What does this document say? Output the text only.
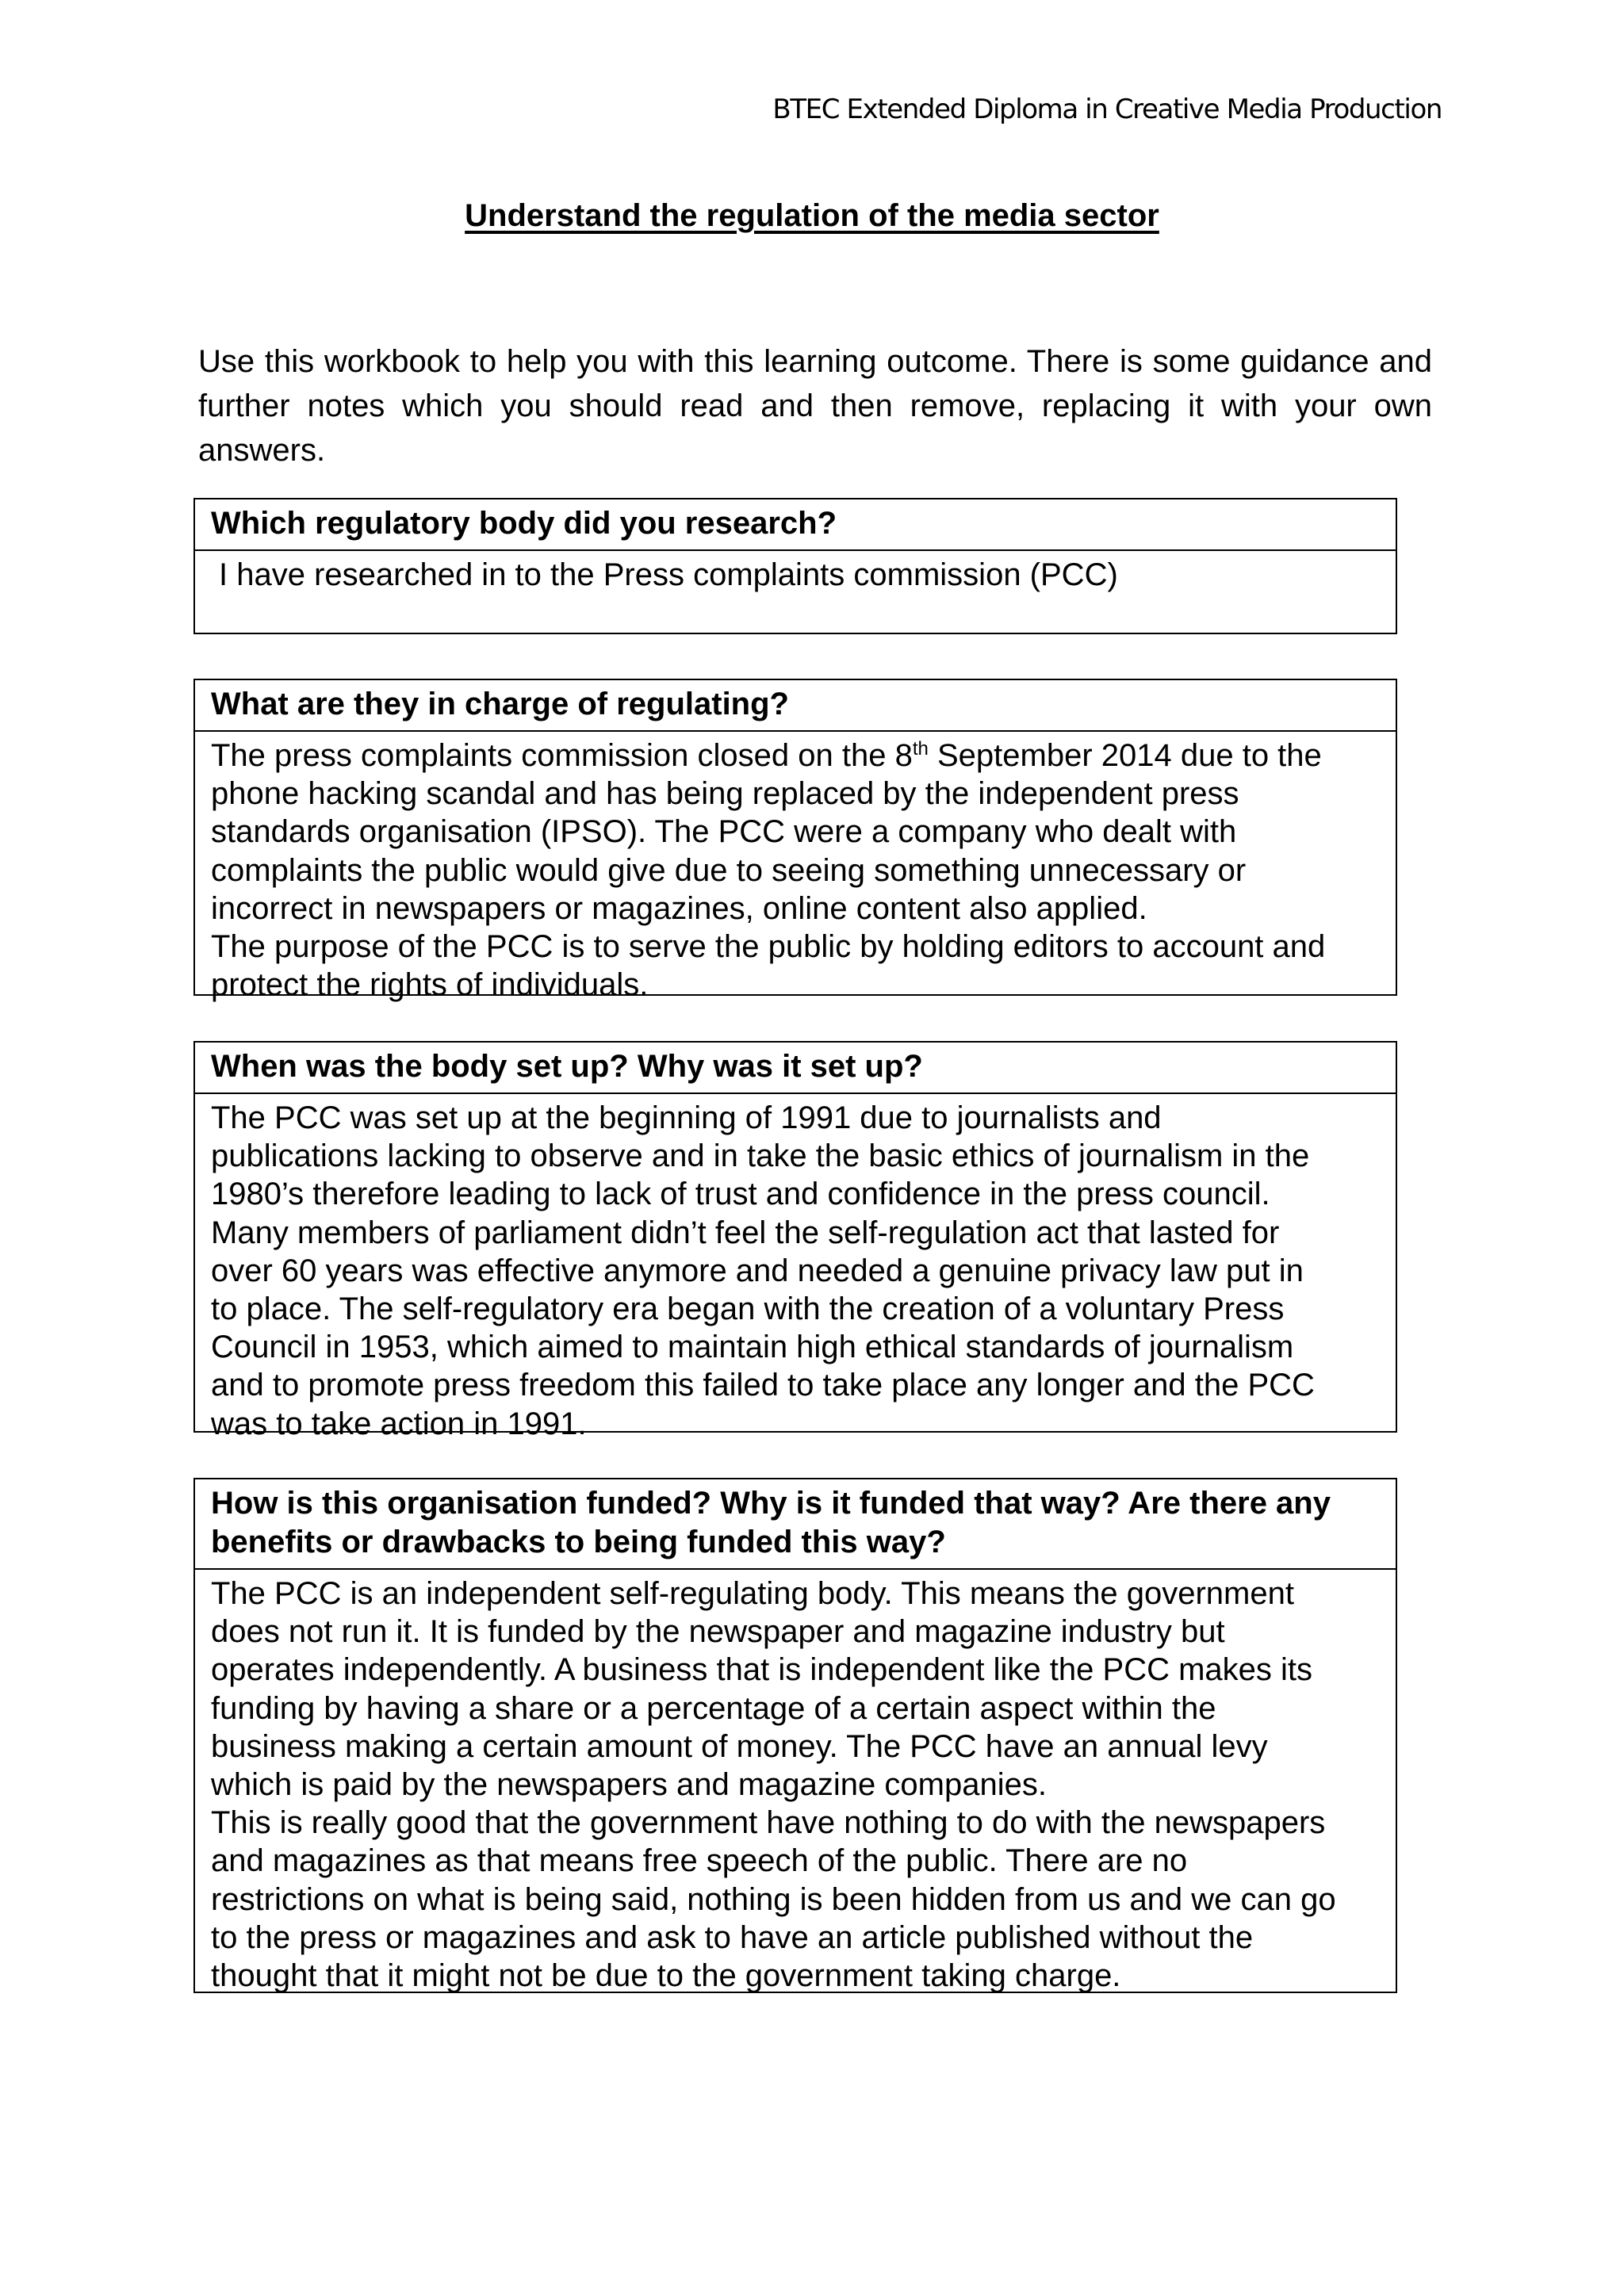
BTEC Extended Diploma in Creative Media Production
Understand the regulation of the media sector

Use this workbook to help you with this learning outcome. There is some guidance and further notes which you should read and then remove, replacing it with your own answers.

Which regulatory body did you research?
I have researched in to the Press complaints commission (PCC)
What are they in charge of regulating?
The press complaints commission closed on the 8th September 2014 due to the
phone hacking scandal and has being replaced by the independent press
standards organisation (IPSO). The PCC were a company who dealt with
complaints the public would give due to seeing something unnecessary or
incorrect in newspapers or magazines, online content also applied.
The purpose of the PCC is to serve the public by holding editors to account and
protect the rights of individuals.
When was the body set up? Why was it set up?
The PCC was set up at the beginning of 1991 due to journalists and
publications lacking to observe and in take the basic ethics of journalism in the
1980’s therefore leading to lack of trust and confidence in the press council.
Many members of parliament didn’t feel the self-regulation act that lasted for
over 60 years was effective anymore and needed a genuine privacy law put in
to place. The self-regulatory era began with the creation of a voluntary Press
Council in 1953, which aimed to maintain high ethical standards of journalism
and to promote press freedom this failed to take place any longer and the PCC
was to take action in 1991.
How is this organisation funded? Why is it funded that way? Are there any benefits or drawbacks to being funded this way?
The PCC is an independent self-regulating body. This means the government
does not run it. It is funded by the newspaper and magazine industry but
operates independently. A business that is independent like the PCC makes its
funding by having a share or a percentage of a certain aspect within the
business making a certain amount of money. The PCC have an annual levy
which is paid by the newspapers and magazine companies.
This is really good that the government have nothing to do with the newspapers
and magazines as that means free speech of the public. There are no
restrictions on what is being said, nothing is been hidden from us and we can go
to the press or magazines and ask to have an article published without the
thought that it might not be due to the government taking charge.
